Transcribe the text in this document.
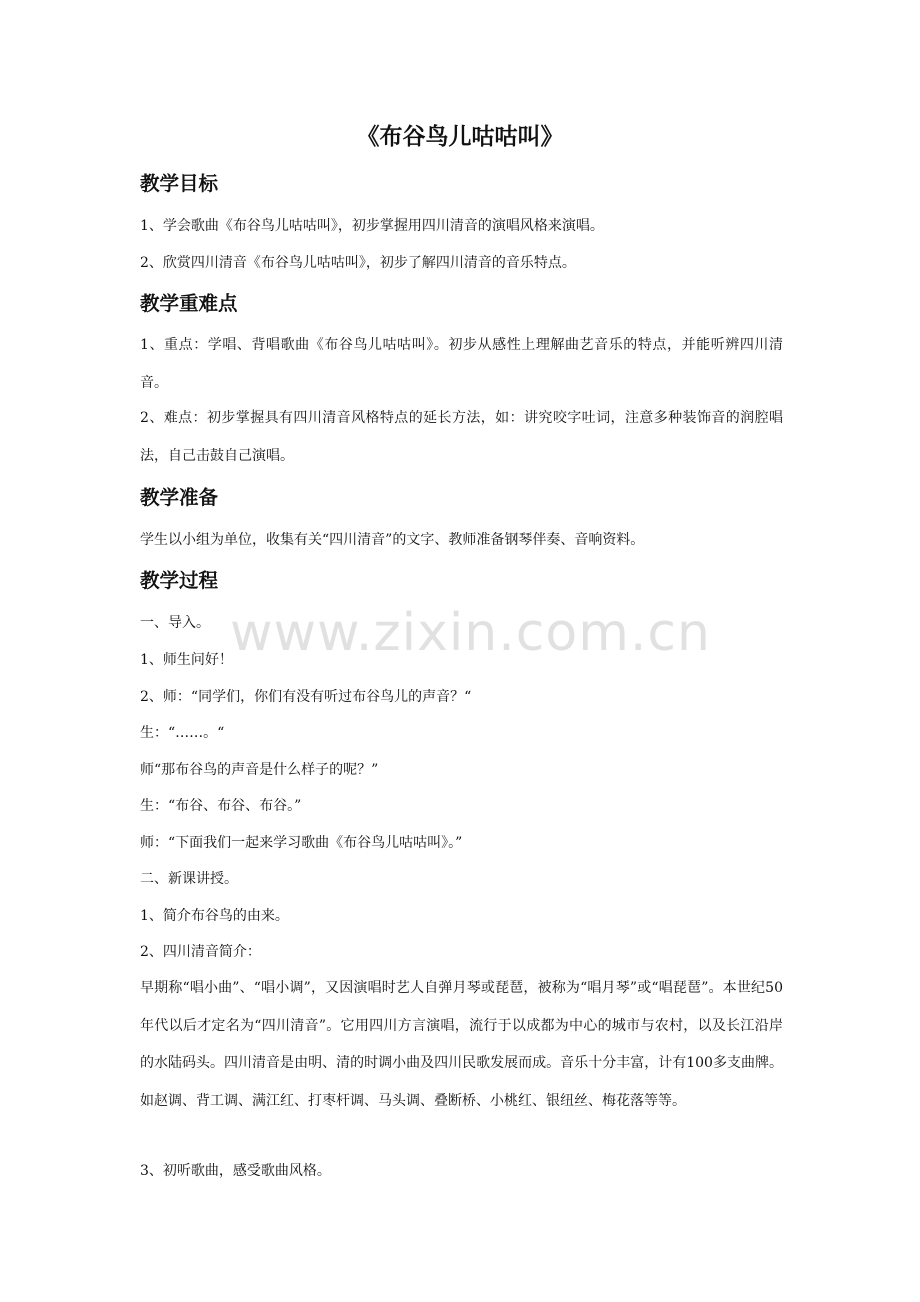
《布谷鸟儿咕咕叫》
教学目标
1、学会歌曲《布谷鸟儿咕咕叫》，初步掌握用四川清音的演唱风格来演唱。
2、欣赏四川清音《布谷鸟儿咕咕叫》，初步了解四川清音的音乐特点。
教学重难点
1、重点：学唱、背唱歌曲《布谷鸟儿咕咕叫》。初步从感性上理解曲艺音乐的特点，并能听辨四川清音。
2、难点：初步掌握具有四川清音风格特点的延长方法，如：讲究咬字吐词，注意多种装饰音的润腔唱法，自己击鼓自己演唱。
教学准备
学生以小组为单位，收集有关“四川清音”的文字、教师准备钢琴伴奏、音响资料。
教学过程
一、导入。
1、师生问好！
2、师：“同学们，你们有没有听过布谷鸟儿的声音？“
生：“……。“
师“那布谷鸟的声音是什么样子的呢？”
生：“布谷、布谷、布谷。”
师：“下面我们一起来学习歌曲《布谷鸟儿咕咕叫》。”
二、新课讲授。
1、简介布谷鸟的由来。
2、四川清音简介：
早期称“唱小曲”、“唱小调”，又因演唱时艺人自弹月琴或琵琶，被称为“唱月琴”或“唱琵琶”。本世纪50年代以后才定名为“四川清音”。它用四川方言演唱，流行于以成都为中心的城市与农村，以及长江沿岸的水陆码头。四川清音是由明、清的时调小曲及四川民歌发展而成。音乐十分丰富，计有100多支曲牌。如赵调、背工调、满江红、打枣杆调、马头调、叠断桥、小桃红、银纽丝、梅花落等等。
3、初听歌曲，感受歌曲风格。
www.zixin.com.cn
